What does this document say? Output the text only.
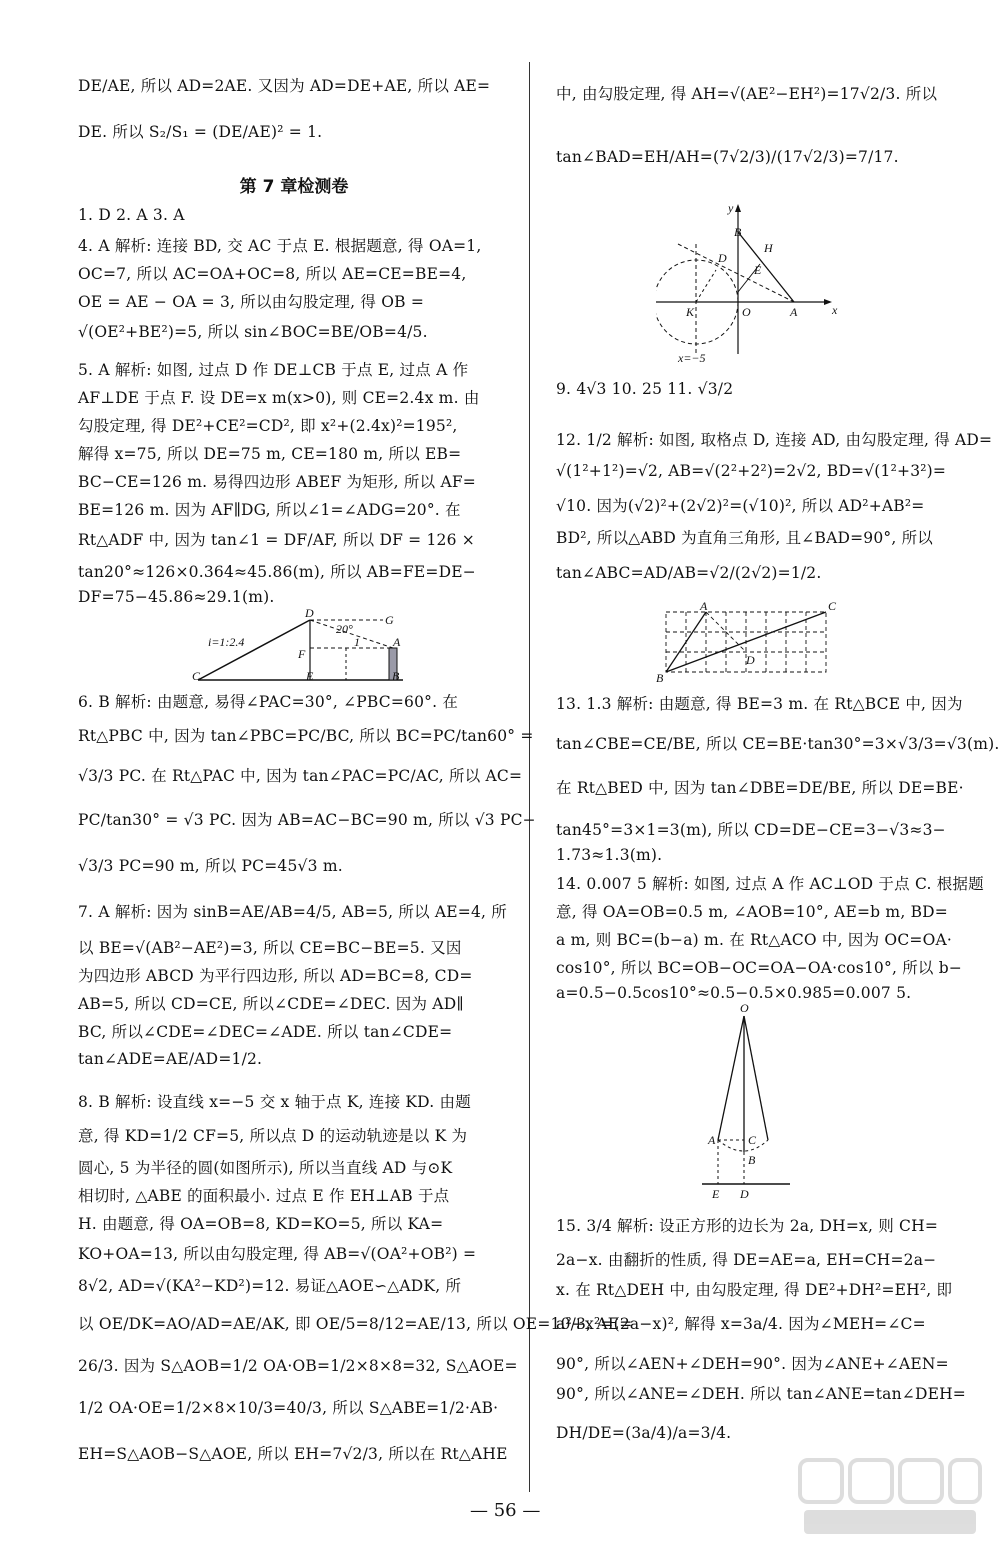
DE/AE, 所以 AD=2AE. 又因为 AD=DE+AE, 所以 AE=
DE. 所以 S₂/S₁ = (DE/AE)² = 1.
第 7 章检测卷
1. D 2. A 3. A
4. A 解析: 连接 BD, 交 AC 于点 E. 根据题意, 得 OA=1,
OC=7, 所以 AC=OA+OC=8, 所以 AE=CE=BE=4,
OE = AE − OA = 3, 所以由勾股定理, 得 OB =
√(OE²+BE²)=5, 所以 sin∠BOC=BE/OB=4/5.
5. A 解析: 如图, 过点 D 作 DE⊥CB 于点 E, 过点 A 作
AF⊥DE 于点 F. 设 DE=x m(x>0), 则 CE=2.4x m. 由
勾股定理, 得 DE²+CE²=CD², 即 x²+(2.4x)²=195²,
解得 x=75, 所以 DE=75 m, CE=180 m, 所以 EB=
BC−CE=126 m. 易得四边形 ABEF 为矩形, 所以 AF=
BE=126 m. 因为 AF∥DG, 所以∠1=∠ADG=20°. 在
Rt△ADF 中, 因为 tan∠1 = DF/AF, 所以 DF = 126 ×
tan20°≈126×0.364≈45.86(m), 所以 AB=FE=DE−
DF=75−45.86≈29.1(m).
D	G
A
F
E	B
C
20°
1
i=1:2.4
6. B 解析: 由题意, 易得∠PAC=30°, ∠PBC=60°. 在
Rt△PBC 中, 因为 tan∠PBC=PC/BC, 所以 BC=PC/tan60° =
√3/3 PC. 在 Rt△PAC 中, 因为 tan∠PAC=PC/AC, 所以 AC=
PC/tan30° = √3 PC. 因为 AB=AC−BC=90 m, 所以 √3 PC−
√3/3 PC=90 m, 所以 PC=45√3 m.
7. A 解析: 因为 sinB=AE/AB=4/5, AB=5, 所以 AE=4, 所
以 BE=√(AB²−AE²)=3, 所以 CE=BC−BE=5. 又因
为四边形 ABCD 为平行四边形, 所以 AD=BC=8, CD=
AB=5, 所以 CD=CE, 所以∠CDE=∠DEC. 因为 AD∥
BC, 所以∠CDE=∠DEC=∠ADE. 所以 tan∠CDE=
tan∠ADE=AE/AD=1/2.
8. B 解析: 设直线 x=−5 交 x 轴于点 K, 连接 KD. 由题
意, 得 KD=1/2 CF=5, 所以点 D 的运动轨迹是以 K 为
圆心, 5 为半径的圆(如图所示), 所以当直线 AD 与⊙K
相切时, △ABE 的面积最小. 过点 E 作 EH⊥AB 于点
H. 由题意, 得 OA=OB=8, KD=KO=5, 所以 KA=
KO+OA=13, 所以由勾股定理, 得 AB=√(OA²+OB²) =
8√2, AD=√(KA²−KD²)=12. 易证△AOE∽△ADK, 所
以 OE/DK=AO/AD=AE/AK, 即 OE/5=8/12=AE/13, 所以 OE=10/3, AE=
26/3. 因为 S△AOB=1/2 OA·OB=1/2×8×8=32, S△AOE=
1/2 OA·OE=1/2×8×10/3=40/3, 所以 S△ABE=1/2·AB·
EH=S△AOB−S△AOE, 所以 EH=7√2/3, 所以在 Rt△AHE
中, 由勾股定理, 得 AH=√(AE²−EH²)=17√2/3. 所以
tan∠BAD=EH/AH=(7√2/3)/(17√2/3)=7/17.
y
x
B
H
D
E
K	O	A
x=−5
9. 4√3 10. 25 11. √3/2
12. 1/2 解析: 如图, 取格点 D, 连接 AD, 由勾股定理, 得 AD=
√(1²+1²)=√2, AB=√(2²+2²)=2√2, BD=√(1²+3²)=
√10. 因为(√2)²+(2√2)²=(√10)², 所以 AD²+AB²=
BD², 所以△ABD 为直角三角形, 且∠BAD=90°, 所以
tan∠ABC=AD/AB=√2/(2√2)=1/2.
A	C
D
B
13. 1.3 解析: 由题意, 得 BE=3 m. 在 Rt△BCE 中, 因为
tan∠CBE=CE/BE, 所以 CE=BE·tan30°=3×√3/3=√3(m).
在 Rt△BED 中, 因为 tan∠DBE=DE/BE, 所以 DE=BE·
tan45°=3×1=3(m), 所以 CD=DE−CE=3−√3≈3−
1.73≈1.3(m).
14. 0.007 5 解析: 如图, 过点 A 作 AC⊥OD 于点 C. 根据题
意, 得 OA=OB=0.5 m, ∠AOB=10°, AE=b m, BD=
a m, 则 BC=(b−a) m. 在 Rt△ACO 中, 因为 OC=OA·
cos10°, 所以 BC=OB−OC=OA−OA·cos10°, 所以 b−
a=0.5−0.5cos10°≈0.5−0.5×0.985=0.007 5.
O
A	C
B
E D
15. 3/4 解析: 设正方形的边长为 2a, DH=x, 则 CH=
2a−x. 由翻折的性质, 得 DE=AE=a, EH=CH=2a−
x. 在 Rt△DEH 中, 由勾股定理, 得 DE²+DH²=EH², 即
a²+x²=(2a−x)², 解得 x=3a/4. 因为∠MEH=∠C=
90°, 所以∠AEN+∠DEH=90°. 因为∠ANE+∠AEN=
90°, 所以∠ANE=∠DEH. 所以 tan∠ANE=tan∠DEH=
DH/DE=(3a/4)/a=3/4.
— 56 —
